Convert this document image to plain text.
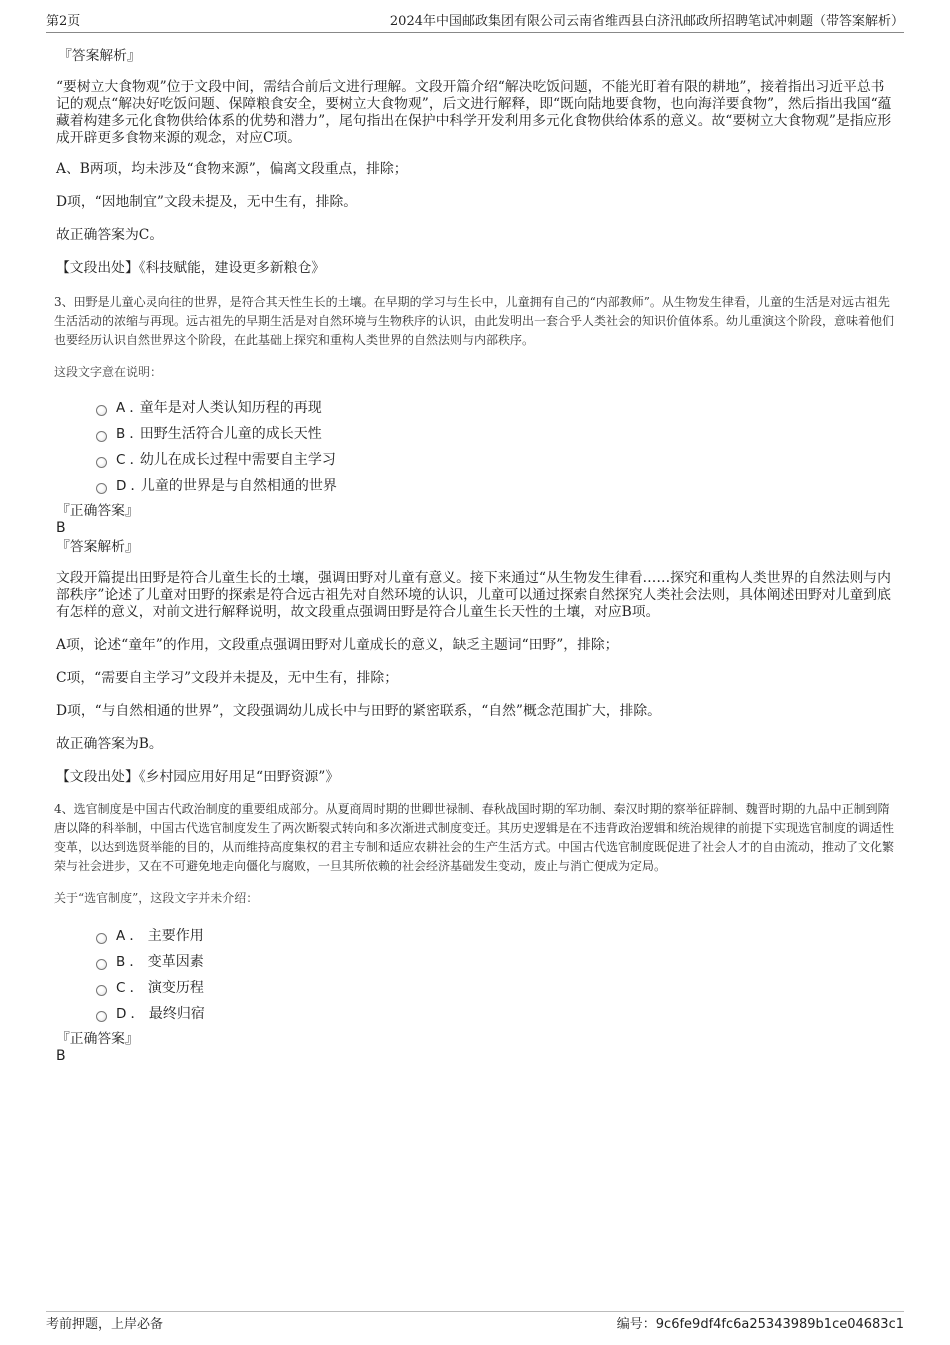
第2页	2024年中国邮政集团有限公司云南省维西县白济汛邮政所招聘笔试冲刺题（带答案解析）

『答案解析』

“要树立大食物观”位于文段中间，需结合前后文进行理解。文段开篇介绍“解决吃饭问题，不能光盯着有限的耕地”，接着指出习近平总书记的观点“解决好吃饭问题、保障粮食安全，要树立大食物观”，后文进行解释，即“既向陆地要食物，也向海洋要食物”，然后指出我国“蕴藏着构建多元化食物供给体系的优势和潜力”，尾句指出在保护中科学开发利用多元化食物供给体系的意义。故“要树立大食物观”是指应形成开辟更多食物来源的观念，对应C项。

A、B两项，均未涉及“食物来源”，偏离文段重点，排除；

D项，“因地制宜”文段未提及，无中生有，排除。

故正确答案为C。

【文段出处】《科技赋能，建设更多新粮仓》

3、田野是儿童心灵向往的世界，是符合其天性生长的土壤。在早期的学习与生长中，儿童拥有自己的“内部教师”。从生物发生律看，儿童的生活是对远古祖先生活活动的浓缩与再现。远古祖先的早期生活是对自然环境与生物秩序的认识，由此发明出一套合乎人类社会的知识价值体系。幼儿重演这个阶段，意味着他们也要经历认识自然世界这个阶段，在此基础上探究和重构人类世界的自然法则与内部秩序。

这段文字意在说明：

A . 童年是对人类认知历程的再现
B . 田野生活符合儿童的成长天性
C . 幼儿在成长过程中需要自主学习
D . 儿童的世界是与自然相通的世界

『正确答案』

B

『答案解析』

文段开篇提出田野是符合儿童生长的土壤，强调田野对儿童有意义。接下来通过“从生物发生律看……探究和重构人类世界的自然法则与内部秩序”论述了儿童对田野的探索是符合远古祖先对自然环境的认识，儿童可以通过探索自然探究人类社会法则，具体阐述田野对儿童到底有怎样的意义，对前文进行解释说明，故文段重点强调田野是符合儿童生长天性的土壤，对应B项。

A项，论述“童年”的作用，文段重点强调田野对儿童成长的意义，缺乏主题词“田野”，排除；

C项，“需要自主学习”文段并未提及，无中生有，排除；

D项，“与自然相通的世界”，文段强调幼儿成长中与田野的紧密联系，“自然”概念范围扩大，排除。

故正确答案为B。

【文段出处】《乡村园应用好用足“田野资源”》

4、选官制度是中国古代政治制度的重要组成部分。从夏商周时期的世卿世禄制、春秋战国时期的军功制、秦汉时期的察举征辟制、魏晋时期的九品中正制到隋唐以降的科举制，中国古代选官制度发生了两次断裂式转向和多次渐进式制度变迁。其历史逻辑是在不违背政治逻辑和统治规律的前提下实现选官制度的调适性变革，以达到选贤举能的目的，从而维持高度集权的君主专制和适应农耕社会的生产生活方式。中国古代选官制度既促进了社会人才的自由流动，推动了文化繁荣与社会进步，又在不可避免地走向僵化与腐败，一旦其所依赖的社会经济基础发生变动，废止与消亡便成为定局。

关于“选官制度”，这段文字并未介绍：

A . 主要作用
B . 变革因素
C . 演变历程
D . 最终归宿

『正确答案』

B

考前押题，上岸必备	编号：9c6fe9df4fc6a25343989b1ce04683c1
